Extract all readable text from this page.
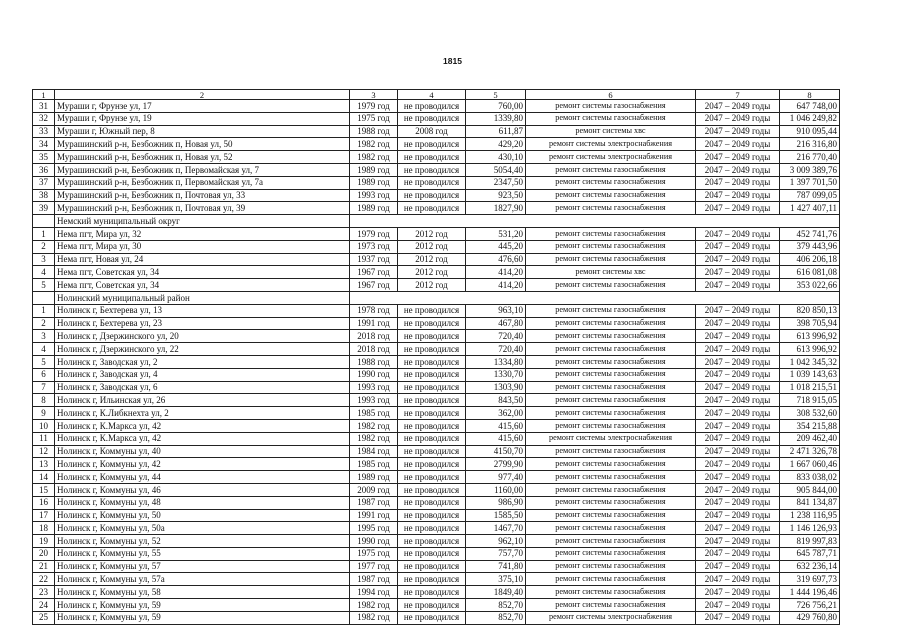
1815
1	2	3	4	5	6	7	8
31	Мураши г, Фрунзе ул, 17	1979 год	не проводился	760,00	ремонт системы газоснабжения	2047 – 2049 годы	647 748,00
32	Мураши г, Фрунзе ул, 19	1975 год	не проводился	1339,80	ремонт системы газоснабжения	2047 – 2049 годы	1 046 249,82
33	Мураши г, Южный пер, 8	1988 год	2008 год	611,87	ремонт системы хвс	2047 – 2049 годы	910 095,44
34	Мурашинский р-н, Безбожник п, Новая ул, 50	1982 год	не проводился	429,20	ремонт системы электроснабжения	2047 – 2049 годы	216 316,80
35	Мурашинский р-н, Безбожник п, Новая ул, 52	1982 год	не проводился	430,10	ремонт системы электроснабжения	2047 – 2049 годы	216 770,40
36	Мурашинский р-н, Безбожник п, Первомайская ул, 7	1989 год	не проводился	5054,40	ремонт системы газоснабжения	2047 – 2049 годы	3 009 389,76
37	Мурашинский р-н, Безбожник п, Первомайская ул, 7а	1989 год	не проводился	2347,50	ремонт системы газоснабжения	2047 – 2049 годы	1 397 701,50
38	Мурашинский р-н, Безбожник п, Почтовая ул, 33	1993 год	не проводился	923,50	ремонт системы газоснабжения	2047 – 2049 годы	787 099,05
39	Мурашинский р-н, Безбожник п, Почтовая ул, 39	1989 год	не проводился	1827,90	ремонт системы газоснабжения	2047 – 2049 годы	1 427 407,11
	Немский муниципальный округ						
1	Нема пгт, Мира ул, 32	1979 год	2012 год	531,20	ремонт системы газоснабжения	2047 – 2049 годы	452 741,76
2	Нема пгт, Мира ул, 30	1973 год	2012 год	445,20	ремонт системы газоснабжения	2047 – 2049 годы	379 443,96
3	Нема пгт, Новая ул, 24	1937 год	2012 год	476,60	ремонт системы газоснабжения	2047 – 2049 годы	406 206,18
4	Нема пгт, Советская ул, 34	1967 год	2012 год	414,20	ремонт системы хвс	2047 – 2049 годы	616 081,08
5	Нема пгт, Советская ул, 34	1967 год	2012 год	414,20	ремонт системы газоснабжения	2047 – 2049 годы	353 022,66
	Нолинский муниципальный район						
1	Нолинск г, Бехтерева ул, 13	1978 год	не проводился	963,10	ремонт системы газоснабжения	2047 – 2049 годы	820 850,13
2	Нолинск г, Бехтерева ул, 23	1991 год	не проводился	467,80	ремонт системы газоснабжения	2047 – 2049 годы	398 705,94
3	Нолинск г, Дзержинского ул, 20	2018 год	не проводился	720,40	ремонт системы газоснабжения	2047 – 2049 годы	613 996,92
4	Нолинск г, Дзержинского ул, 22	2018 год	не проводился	720,40	ремонт системы газоснабжения	2047 – 2049 годы	613 996,92
5	Нолинск г, Заводская ул, 2	1988 год	не проводился	1334,80	ремонт системы газоснабжения	2047 – 2049 годы	1 042 345,32
6	Нолинск г, Заводская ул, 4	1990 год	не проводился	1330,70	ремонт системы газоснабжения	2047 – 2049 годы	1 039 143,63
7	Нолинск г, Заводская ул, 6	1993 год	не проводился	1303,90	ремонт системы газоснабжения	2047 – 2049 годы	1 018 215,51
8	Нолинск г, Ильинская ул, 26	1993 год	не проводился	843,50	ремонт системы газоснабжения	2047 – 2049 годы	718 915,05
9	Нолинск г, К.Либкнехта ул, 2	1985 год	не проводился	362,00	ремонт системы газоснабжения	2047 – 2049 годы	308 532,60
10	Нолинск г, К.Маркса ул, 42	1982 год	не проводился	415,60	ремонт системы газоснабжения	2047 – 2049 годы	354 215,88
11	Нолинск г, К.Маркса ул, 42	1982 год	не проводился	415,60	ремонт системы электроснабжения	2047 – 2049 годы	209 462,40
12	Нолинск г, Коммуны ул, 40	1984 год	не проводился	4150,70	ремонт системы газоснабжения	2047 – 2049 годы	2 471 326,78
13	Нолинск г, Коммуны ул, 42	1985 год	не проводился	2799,90	ремонт системы газоснабжения	2047 – 2049 годы	1 667 060,46
14	Нолинск г, Коммуны ул, 44	1989 год	не проводился	977,40	ремонт системы газоснабжения	2047 – 2049 годы	833 038,02
15	Нолинск г, Коммуны ул, 46	2009 год	не проводился	1160,00	ремонт системы газоснабжения	2047 – 2049 годы	905 844,00
16	Нолинск г, Коммуны ул, 48	1987 год	не проводился	986,90	ремонт системы газоснабжения	2047 – 2049 годы	841 134,87
17	Нолинск г, Коммуны ул, 50	1991 год	не проводился	1585,50	ремонт системы газоснабжения	2047 – 2049 годы	1 238 116,95
18	Нолинск г, Коммуны ул, 50а	1995 год	не проводился	1467,70	ремонт системы газоснабжения	2047 – 2049 годы	1 146 126,93
19	Нолинск г, Коммуны ул, 52	1990 год	не проводился	962,10	ремонт системы газоснабжения	2047 – 2049 годы	819 997,83
20	Нолинск г, Коммуны ул, 55	1975 год	не проводился	757,70	ремонт системы газоснабжения	2047 – 2049 годы	645 787,71
21	Нолинск г, Коммуны ул, 57	1977 год	не проводился	741,80	ремонт системы газоснабжения	2047 – 2049 годы	632 236,14
22	Нолинск г, Коммуны ул, 57а	1987 год	не проводился	375,10	ремонт системы газоснабжения	2047 – 2049 годы	319 697,73
23	Нолинск г, Коммуны ул, 58	1994 год	не проводился	1849,40	ремонт системы газоснабжения	2047 – 2049 годы	1 444 196,46
24	Нолинск г, Коммуны ул, 59	1982 год	не проводился	852,70	ремонт системы газоснабжения	2047 – 2049 годы	726 756,21
25	Нолинск г, Коммуны ул, 59	1982 год	не проводился	852,70	ремонт системы электроснабжения	2047 – 2049 годы	429 760,80
